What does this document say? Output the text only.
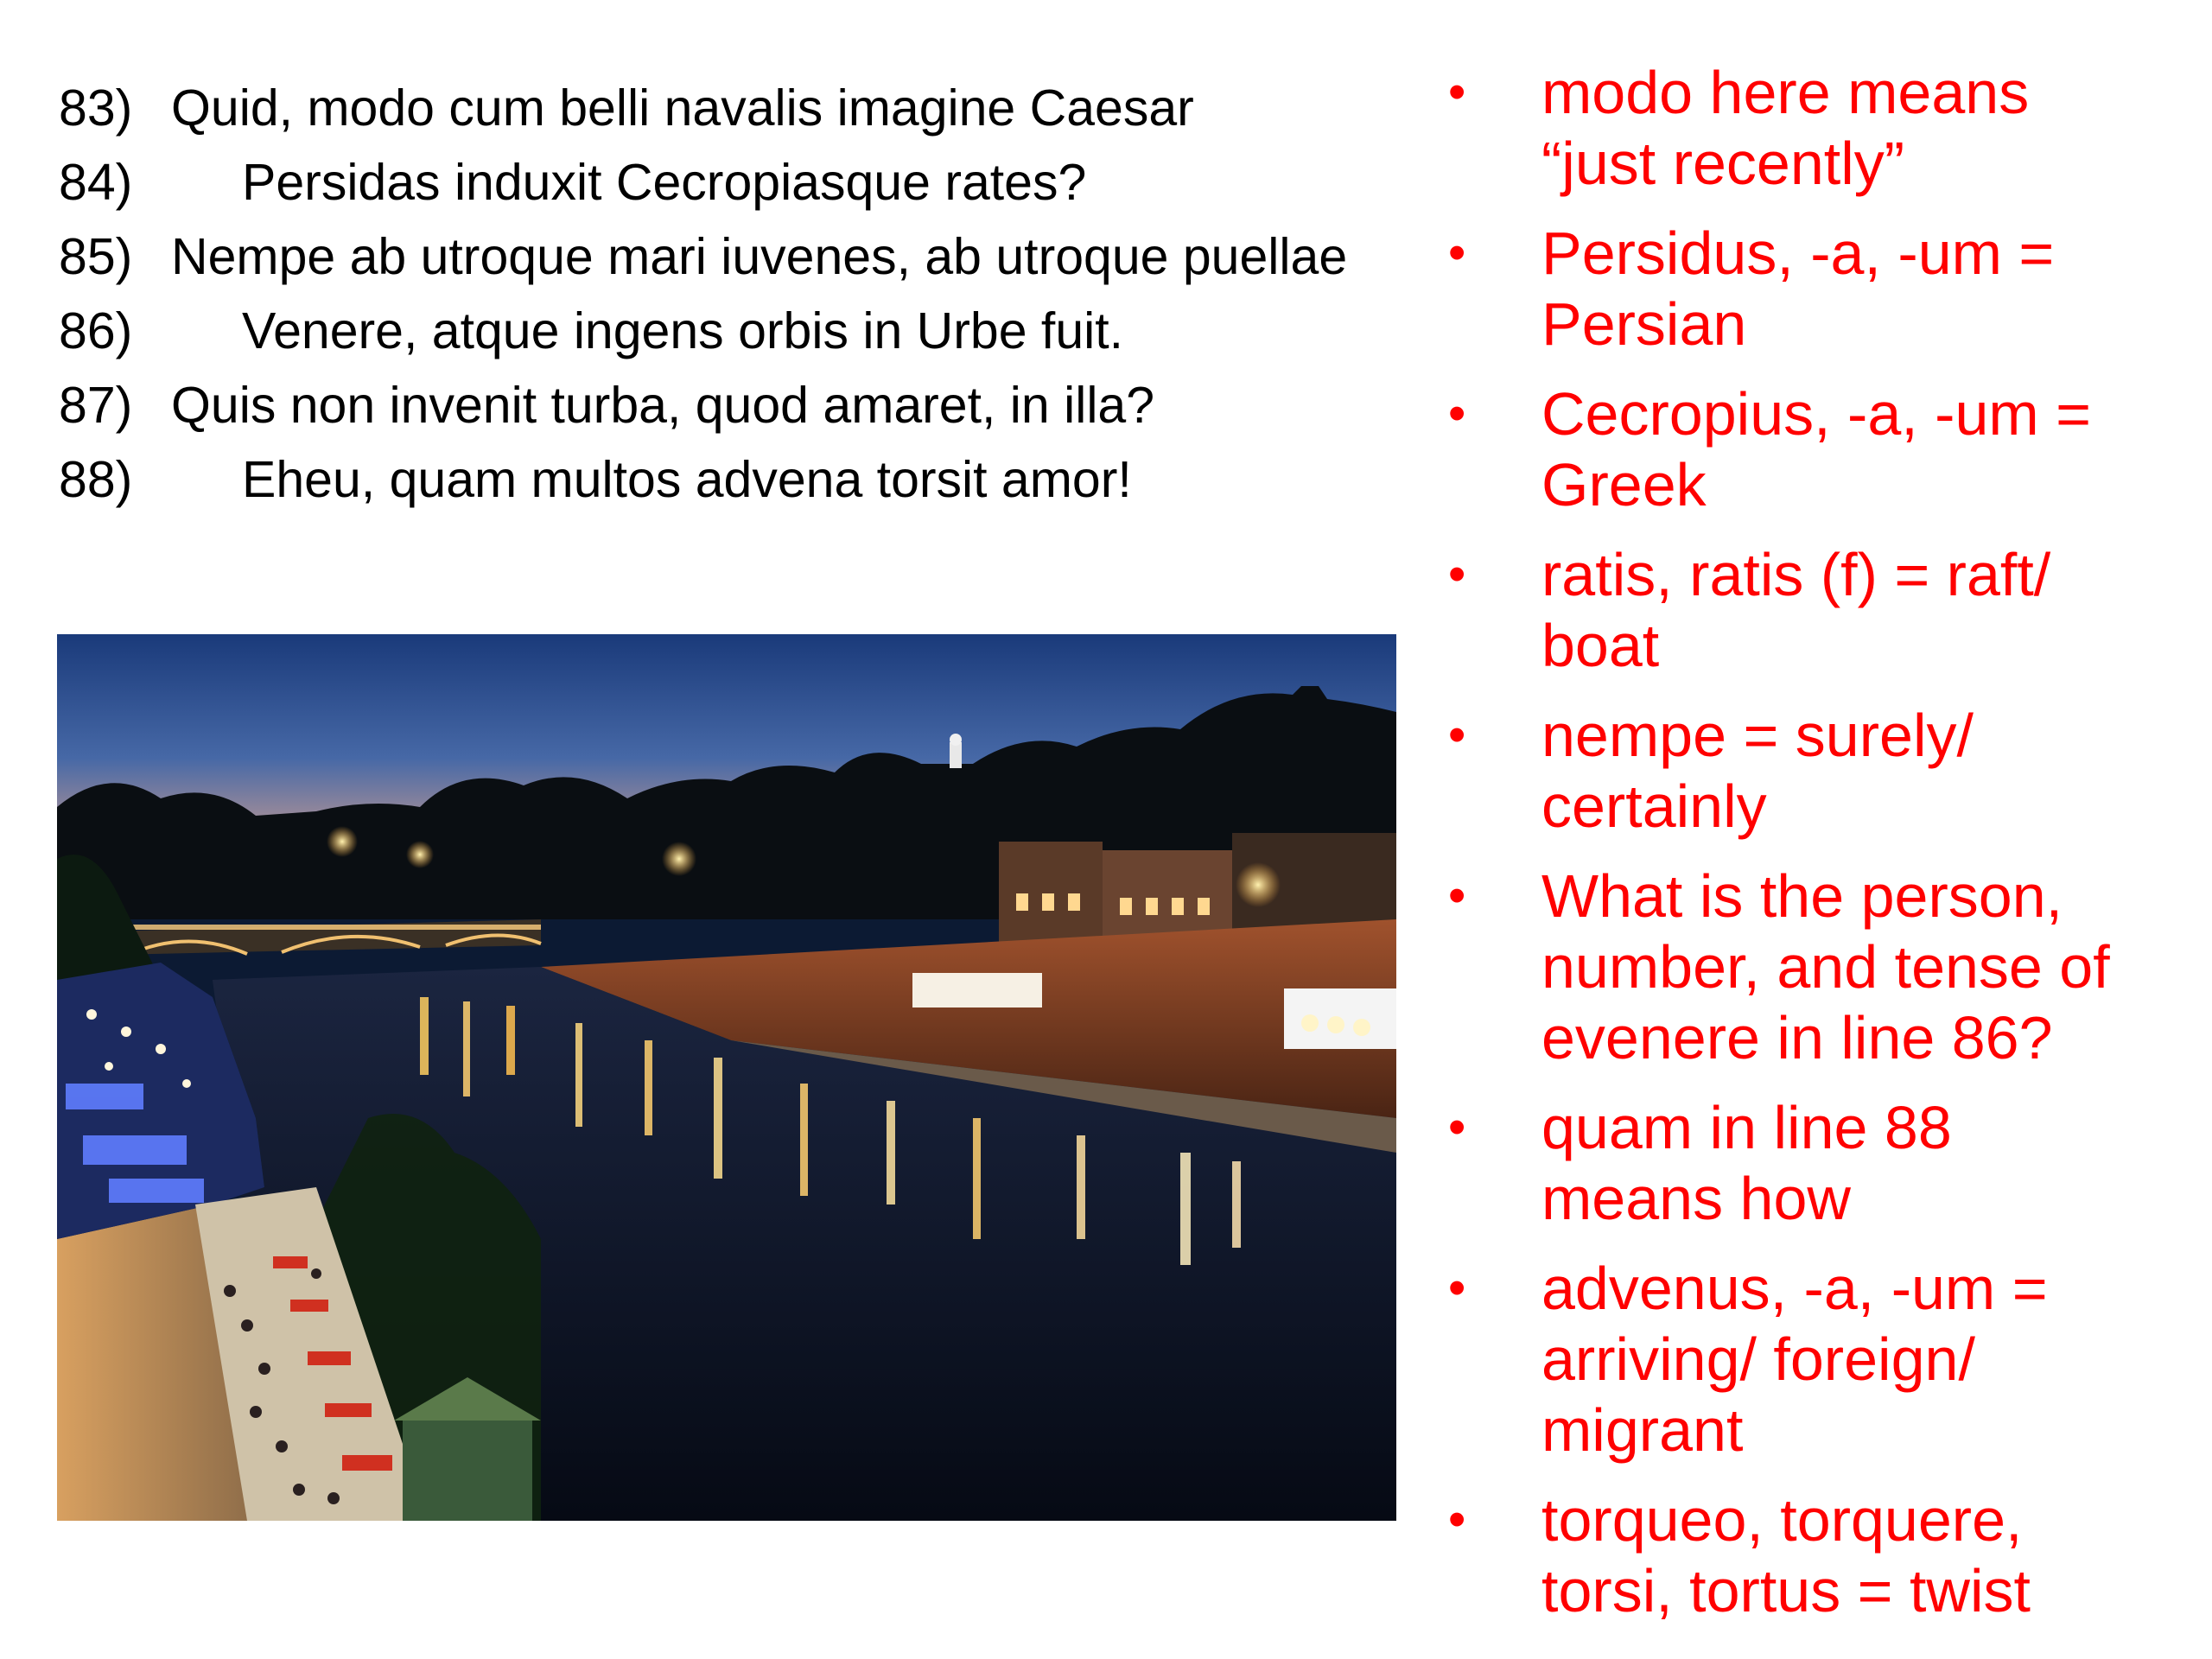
83) Quid, modo cum belli navalis imagine Caesar
84)	Persidas induxit Cecropiasque rates?
85) Nempe ab utroque mari iuvenes, ab utroque puellae
86)	Venere, atque ingens orbis in Urbe fuit.
87) Quis non invenit turba, quod amaret, in illa?
88)	Eheu, quam multos advena torsit amor!
•	modo here means
“just recently”
•	Persidus, -a, -um =
Persian
•	Cecropius, -a, -um =
Greek
•	ratis, ratis (f) = raft/
boat
•	nempe = surely/
certainly
•	What is the person,
number, and tense of
evenere in line 86?
•	quam in line 88
means how
•	advenus, -a, -um =
arriving/ foreign/
migrant
•	torqueo, torquere,
torsi, tortus = twist
